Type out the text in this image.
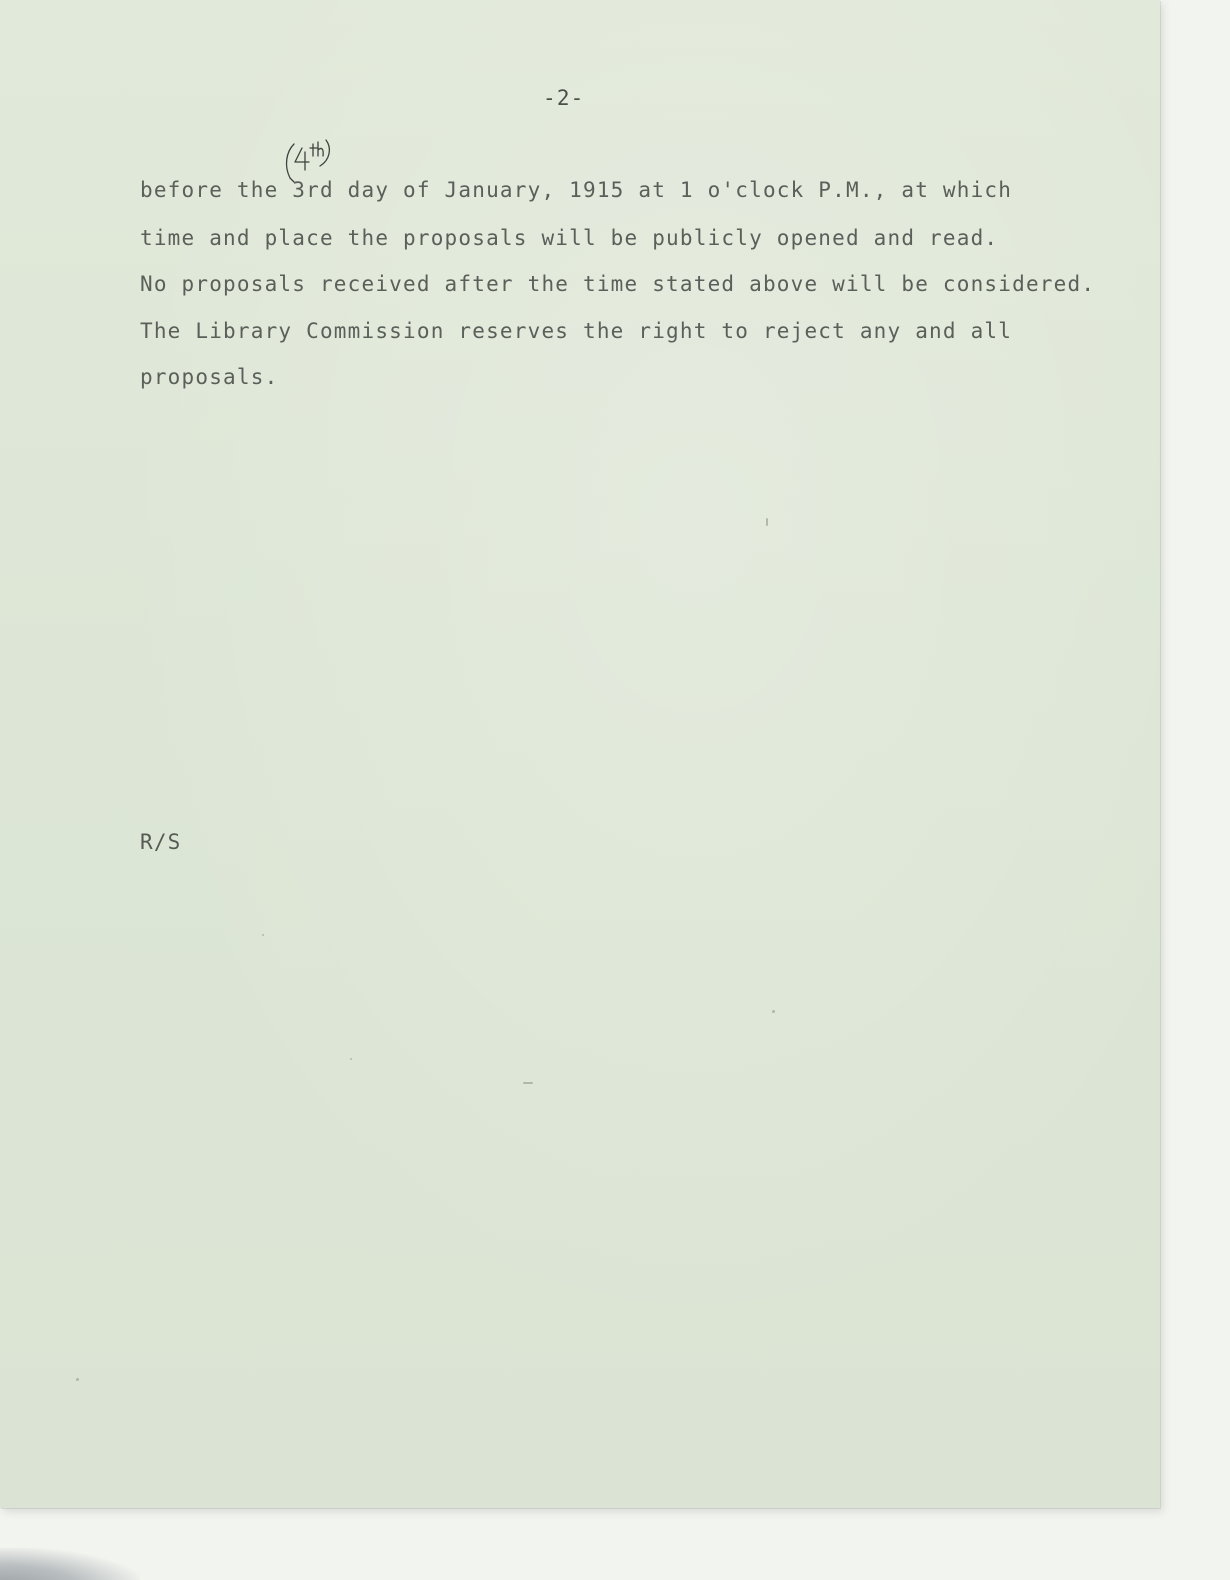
-2-
before the 3rd day of January, 1915 at 1 o'clock P.M., at which
time and place the proposals will be publicly opened and read.
No proposals received after the time stated above will be considered.
The Library Commission reserves the right to reject any and all
proposals.
R/S
